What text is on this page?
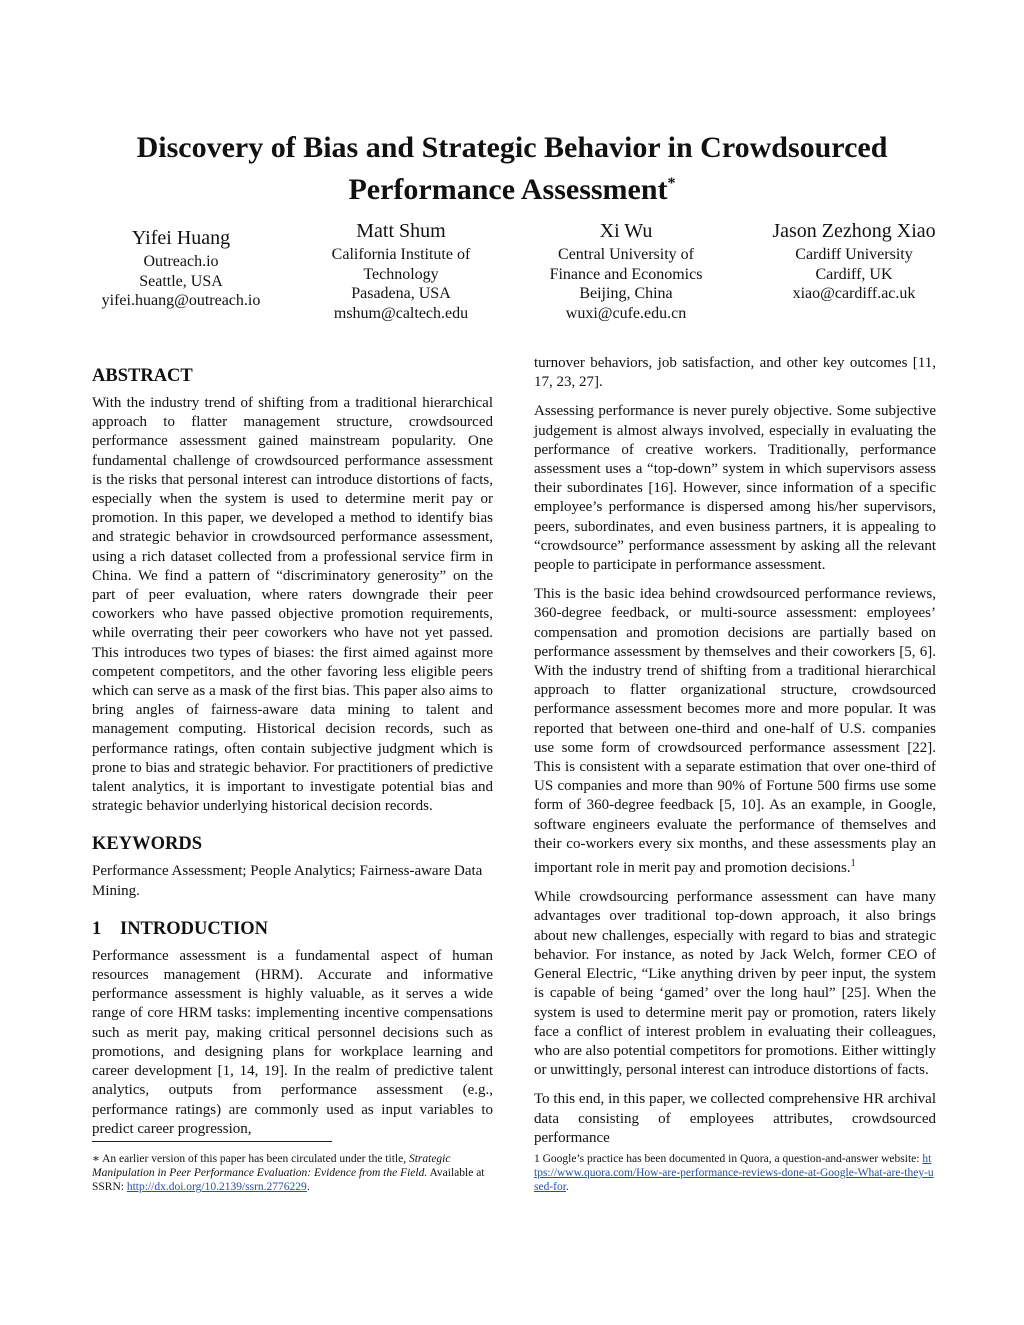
Discovery of Bias and Strategic Behavior in Crowdsourced
Performance Assessment*
Yifei Huang
Outreach.io
Seattle, USA
yifei.huang@outreach.io
Matt Shum
California Institute of
Technology
Pasadena, USA
mshum@caltech.edu
Xi Wu
Central University of
Finance and Economics
Beijing, China
wuxi@cufe.edu.cn
Jason Zezhong Xiao
Cardiff University
Cardiff, UK
xiao@cardiff.ac.uk
ABSTRACT

With the industry trend of shifting from a traditional hierarchical approach to flatter management structure, crowdsourced performance assessment gained mainstream popularity. One fundamental challenge of crowdsourced performance assessment is the risks that personal interest can introduce distortions of facts, especially when the system is used to determine merit pay or promotion. In this paper, we developed a method to identify bias and strategic behavior in crowdsourced performance assessment, using a rich dataset collected from a professional service firm in China. We find a pattern of “discriminatory generosity” on the part of peer evaluation, where raters downgrade their peer coworkers who have passed objective promotion requirements, while overrating their peer coworkers who have not yet passed. This introduces two types of biases: the first aimed against more competent competitors, and the other favoring less eligible peers which can serve as a mask of the first bias. This paper also aims to bring angles of fairness-aware data mining to talent and management computing. Historical decision records, such as performance ratings, often contain subjective judgment which is prone to bias and strategic behavior. For practitioners of predictive talent analytics, it is important to investigate potential bias and strategic behavior underlying historical decision records.

KEYWORDS

Performance Assessment; People Analytics; Fairness-aware Data Mining.

1 INTRODUCTION

Performance assessment is a fundamental aspect of human resources management (HRM). Accurate and informative performance assessment is highly valuable, as it serves a wide range of core HRM tasks: implementing incentive compensations such as merit pay, making critical personnel decisions such as promotions, and designing plans for workplace learning and career development [1, 14, 19]. In the realm of predictive talent analytics, outputs from performance assessment (e.g., performance ratings) are commonly used as input variables to predict career progression,

turnover behaviors, job satisfaction, and other key outcomes [11, 17, 23, 27].

Assessing performance is never purely objective. Some subjective judgement is almost always involved, especially in evaluating the performance of creative workers. Traditionally, performance assessment uses a “top-down” system in which supervisors assess their subordinates [16]. However, since information of a specific employee’s performance is dispersed among his/her supervisors, peers, subordinates, and even business partners, it is appealing to “crowdsource” performance assessment by asking all the relevant people to participate in performance assessment.

This is the basic idea behind crowdsourced performance reviews, 360-degree feedback, or multi-source assessment: employees’ compensation and promotion decisions are partially based on performance assessment by themselves and their coworkers [5, 6]. With the industry trend of shifting from a traditional hierarchical approach to flatter organizational structure, crowdsourced performance assessment becomes more and more popular. It was reported that between one-third and one-half of U.S. companies use some form of crowdsourced performance assessment [22]. This is consistent with a separate estimation that over one-third of US companies and more than 90% of Fortune 500 firms use some form of 360-degree feedback [5, 10]. As an example, in Google, software engineers evaluate the performance of themselves and their co-workers every six months, and these assessments play an important role in merit pay and promotion decisions.$^1$

While crowdsourcing performance assessment can have many advantages over traditional top-down approach, it also brings about new challenges, especially with regard to bias and strategic behavior. For instance, as noted by Jack Welch, former CEO of General Electric, “Like anything driven by peer input, the system is capable of being ‘gamed’ over the long haul” [25]. When the system is used to determine merit pay or promotion, raters likely face a conflict of interest problem in evaluating their colleagues, who are also potential competitors for promotions. Either wittingly or unwittingly, personal interest can introduce distortions of facts.

To this end, in this paper, we collected comprehensive HR archival data consisting of employees attributes, crowdsourced performance

∗ An earlier version of this paper has been circulated under the title, Strategic Manipulation in Peer Performance Evaluation: Evidence from the Field. Available at SSRN: http://dx.doi.org/10.2139/ssrn.2776229.
1 Google’s practice has been documented in Quora, a question-and-answer website: https://www.quora.com/How-are-performance-reviews-done-at-Google-What-are-they-used-for.
